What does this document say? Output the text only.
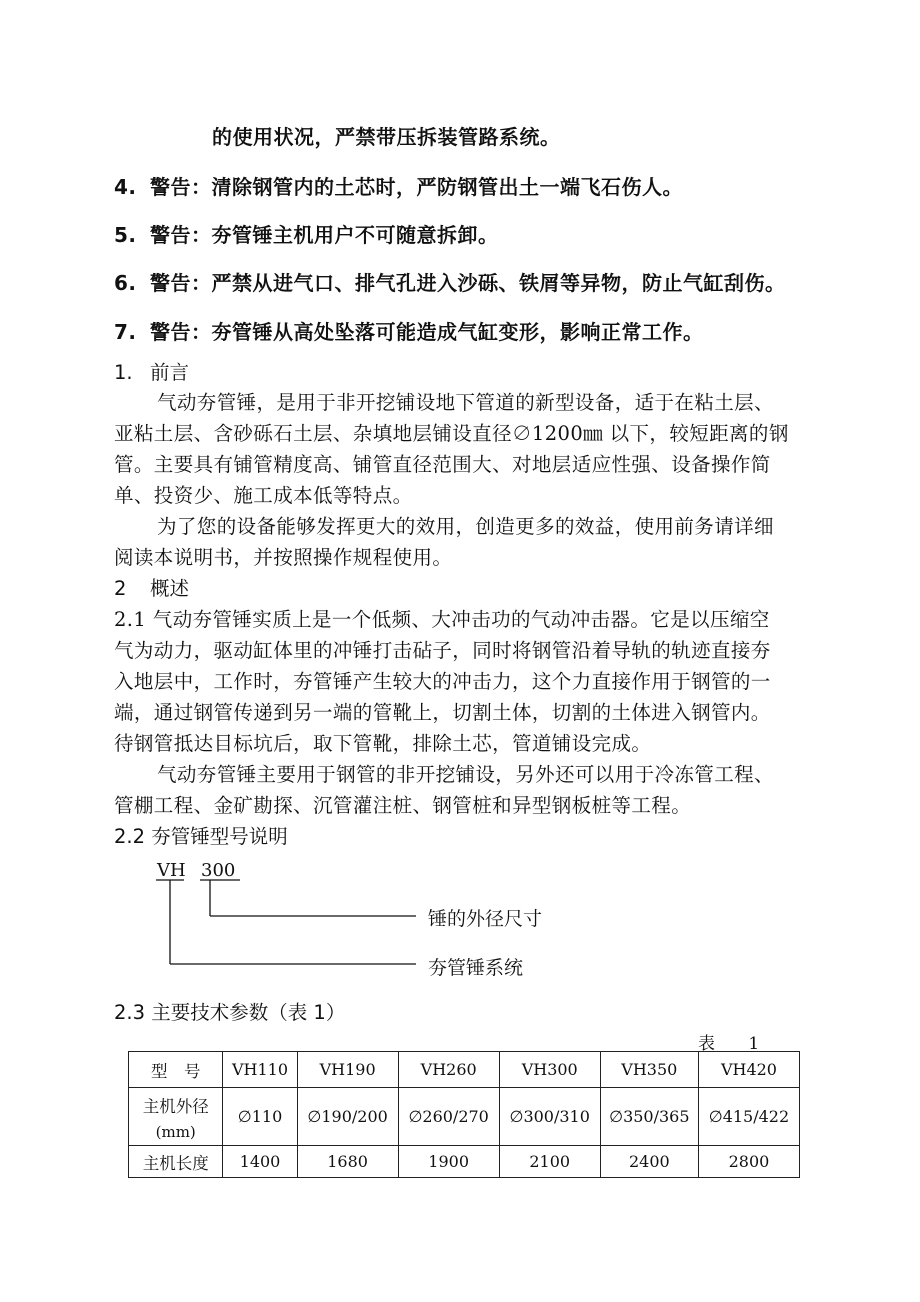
的使用状况，严禁带压拆装管路系统。
4. 警告：清除钢管内的土芯时，严防钢管出土一端飞石伤人。
5. 警告：夯管锤主机用户不可随意拆卸。
6. 警告：严禁从进气口、排气孔进入沙砾、铁屑等异物，防止气缸刮伤。
7. 警告：夯管锤从高处坠落可能造成气缸变形，影响正常工作。
1. 前言
气动夯管锤，是用于非开挖铺设地下管道的新型设备，适于在粘土层、
亚粘土层、含砂砾石土层、杂填地层铺设直径∅1200㎜ 以下，较短距离的钢
管。主要具有铺管精度高、铺管直径范围大、对地层适应性强、设备操作简
单、投资少、施工成本低等特点。
为了您的设备能够发挥更大的效用，创造更多的效益，使用前务请详细
阅读本说明书，并按照操作规程使用。
2 概述
2.1 气动夯管锤实质上是一个低频、大冲击功的气动冲击器。它是以压缩空
气为动力，驱动缸体里的冲锤打击砧子，同时将钢管沿着导轨的轨迹直接夯
入地层中，工作时，夯管锤产生较大的冲击力，这个力直接作用于钢管的一
端，通过钢管传递到另一端的管靴上，切割土体，切割的土体进入钢管内。
待钢管抵达目标坑后，取下管靴，排除土芯，管道铺设完成。
气动夯管锤主要用于钢管的非开挖铺设，另外还可以用于冷冻管工程、
管棚工程、金矿勘探、沉管灌注桩、钢管桩和异型钢板桩等工程。
2.2 夯管锤型号说明
VH 300
锤的外径尺寸
夯管锤系统
2.3 主要技术参数（表 1）
表 1
型　号	VH110	VH190	VH260	VH300	VH350	VH420

主机外径
(mm)	∅110	∅190/200	∅260/270	∅300/310	∅350/365	∅415/422
主机长度	1400	1680	1900	2100	2400	2800
